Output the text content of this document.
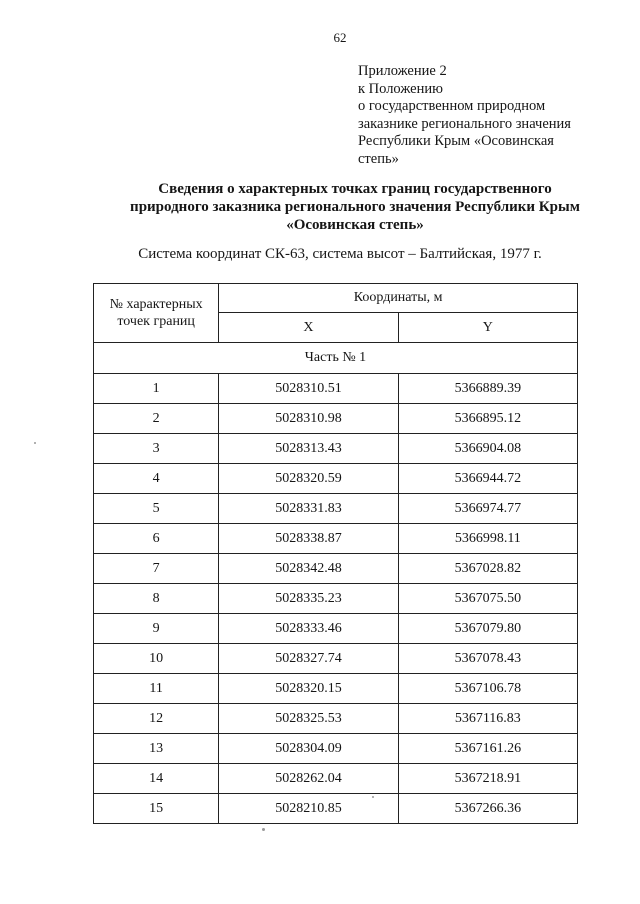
62
Приложение 2
к Положению
о государственном природном
заказнике регионального значения
Республики Крым «Осовинская
степь»
Сведения о характерных точках границ государственного
природного заказника регионального значения Республики Крым
«Осовинская степь»
Система координат СК-63, система высот – Балтийская, 1977 г.
№ характерных точек границ	Координаты, м	
	X	Y
Часть № 1		
1	5028310.51	5366889.39
2	5028310.98	5366895.12
3	5028313.43	5366904.08
4	5028320.59	5366944.72
5	5028331.83	5366974.77
6	5028338.87	5366998.11
7	5028342.48	5367028.82
8	5028335.23	5367075.50
9	5028333.46	5367079.80
10	5028327.74	5367078.43
11	5028320.15	5367106.78
12	5028325.53	5367116.83
13	5028304.09	5367161.26
14	5028262.04	5367218.91
15	5028210.85	5367266.36
